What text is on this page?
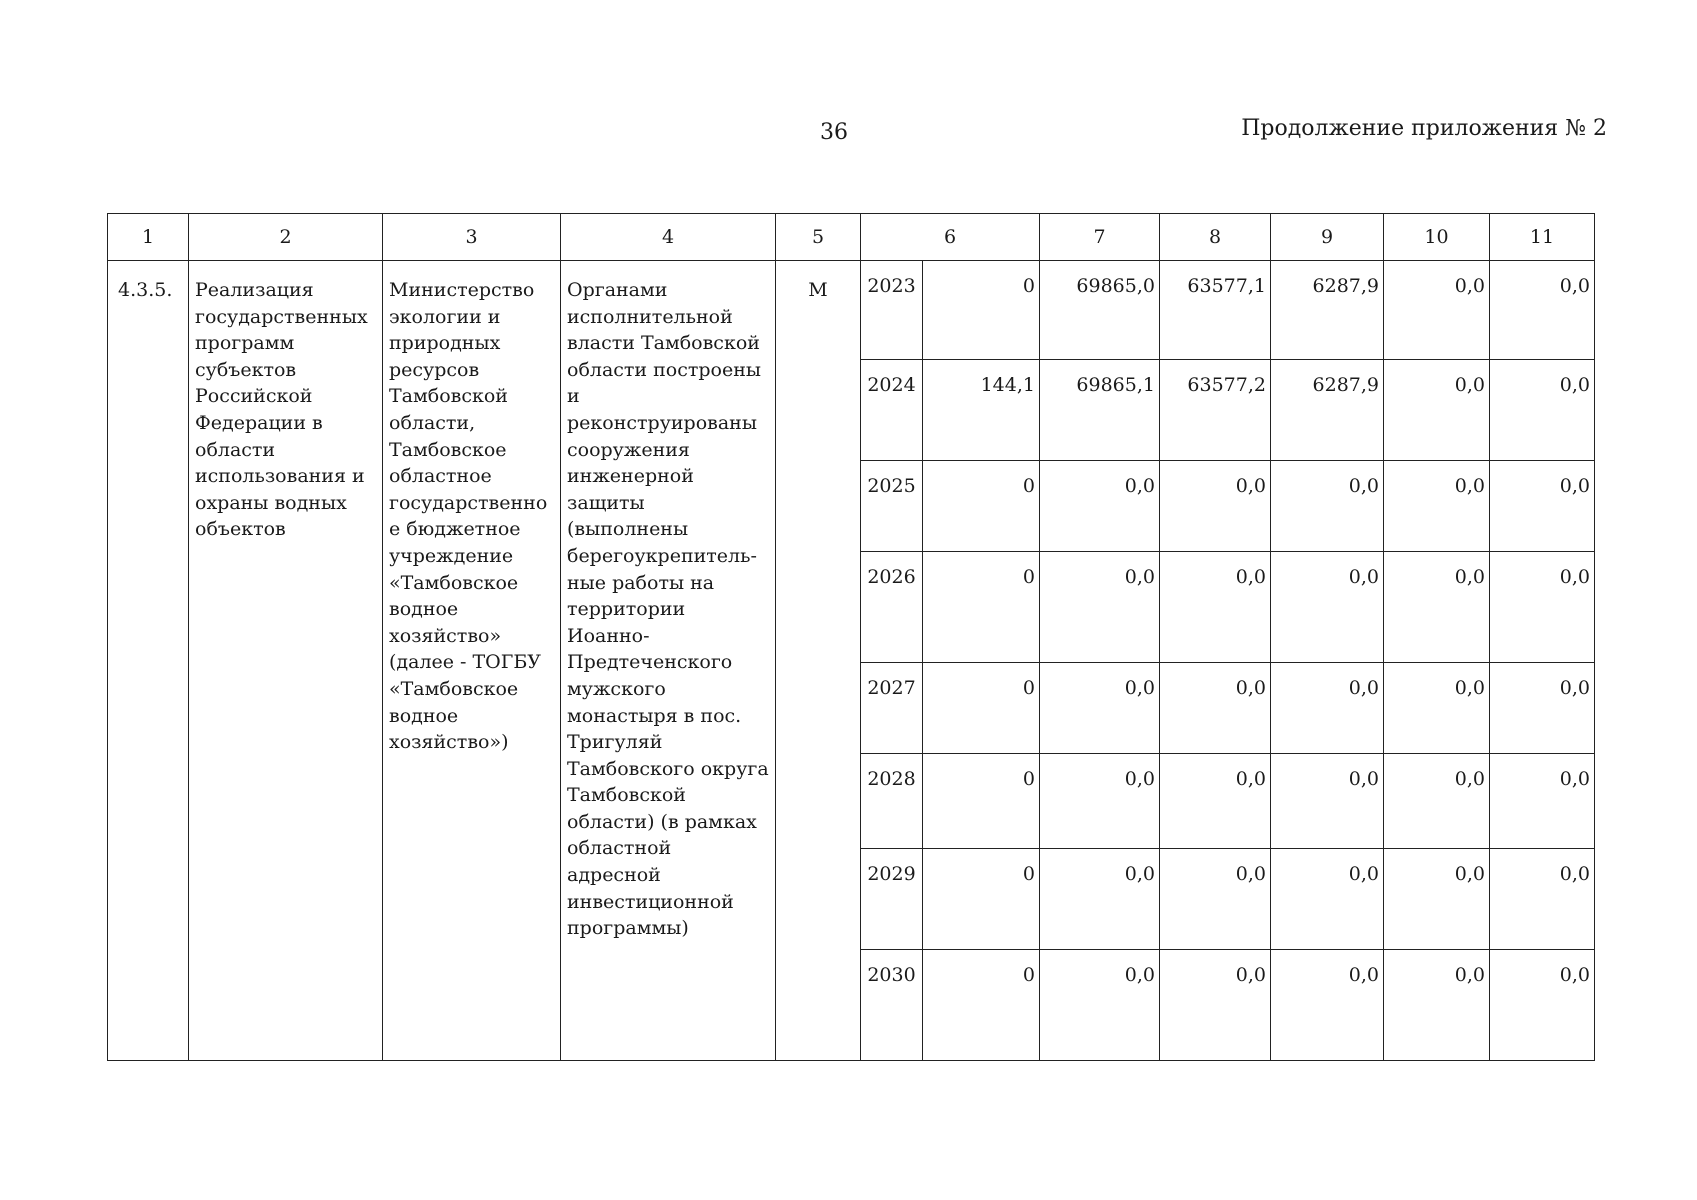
36	Продолжение приложения № 2
1	2	3	4	5	6		7	8	9	10	11
4.3.5.	Реализация государственных программ субъектов Российской Федерации в области использования и охраны водных объектов	Министерство экологии и природных ресурсов Тамбовской области, Тамбовское областное государственное бюджетное учреждение «Тамбовское водное хозяйство» (далее - ТОГБУ «Тамбовское водное хозяйство»)	Органами исполнительной власти Тамбовской области построены и реконструированы сооружения инженерной защиты (выполнены берегоукрепитель-ные работы на территории Иоанно-Предтеченского мужского монастыря в пос. Тригуляй Тамбовского округа Тамбовской области) (в рамках областной адресной инвестиционной программы)	М	2023	0	69865,0	63577,1	6287,9	0,0	0,0
					2024	144,1	69865,1	63577,2	6287,9	0,0	0,0
					2025	0	0,0	0,0	0,0	0,0	0,0
					2026	0	0,0	0,0	0,0	0,0	0,0
					2027	0	0,0	0,0	0,0	0,0	0,0
					2028	0	0,0	0,0	0,0	0,0	0,0
					2029	0	0,0	0,0	0,0	0,0	0,0
					2030	0	0,0	0,0	0,0	0,0	0,0
